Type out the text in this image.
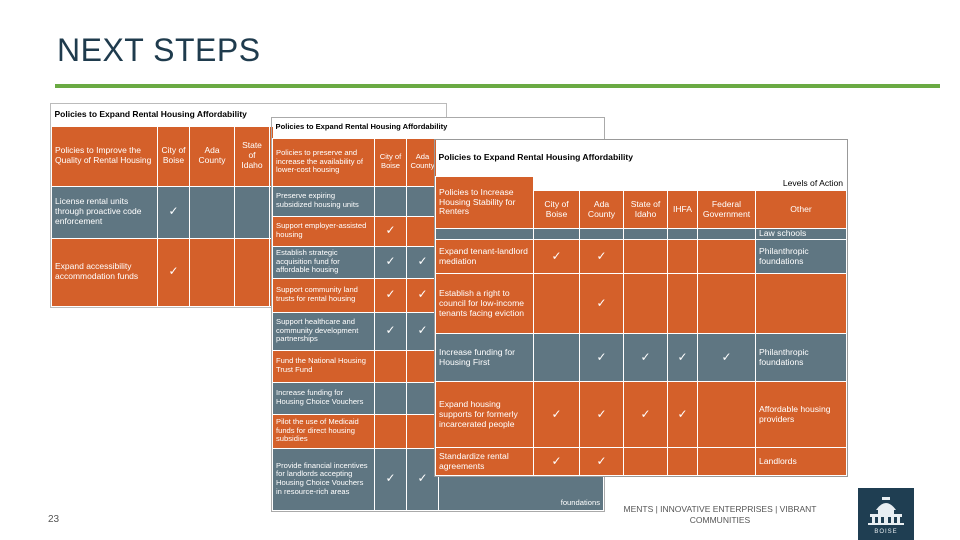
NEXT STEPS
Policies to Expand Rental Housing Affordability				
Policies to Improve the Quality of Rental Housing	City of Boise	Ada County	State of Idaho	
License rental units through proactive code enforcement	✓			
Expand accessibility accommodation funds	✓			
Policies to Expand Rental Housing Affordability			
Policies to preserve and increase the availability of lower-cost housing	City of Boise	Ada County	
Preserve expiring subsidized housing units			
Support employer-assisted housing	✓		
Establish strategic acquisition fund for affordable housing	✓	✓	
Support community land trusts for rental housing	✓	✓	
Support healthcare and community development partnerships	✓	✓	
Fund the National Housing Trust Fund			
Increase funding for Housing Choice Vouchers			
Pilot the use of Medicaid funds for direct housing subsidies			
Provide financial incentives for landlords accepting Housing Choice Vouchers in resource-rich areas	✓	✓	foundations
Policies to Expand Rental Housing Affordability						
Policies to Increase Housing Stability for Renters	Levels of Action					
	City of Boise	Ada County	State of Idaho	IHFA	Federal Government	Other
						Law schools
Expand tenant-landlord mediation	✓	✓				Philanthropic foundations
Establish a right to council for low-income tenants facing eviction		✓				
Increase funding for Housing First		✓	✓	✓	✓	Philanthropic foundations
Expand housing supports for formerly incarcerated people	✓	✓	✓	✓		Affordable housing providers
Standardize rental agreements	✓	✓				Landlords
MENTS | INNOVATIVE ENTERPRISES | VIBRANT COMMUNITIES
23
BOISE
